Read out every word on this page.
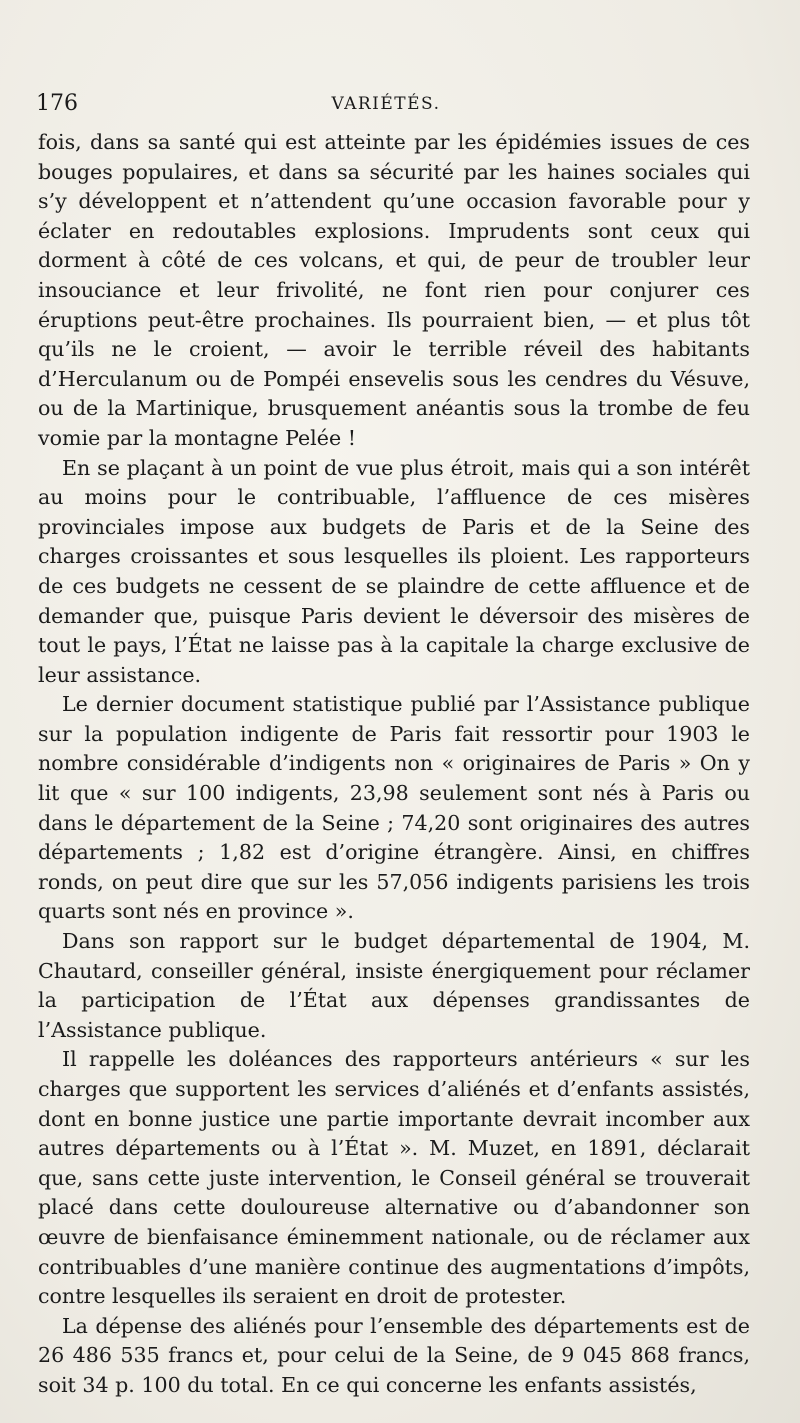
176	VARIÉTÉS.

fois, dans sa santé qui est atteinte par les épidémies issues de ces bouges populaires, et dans sa sécurité par les haines sociales qui s’y développent et n’attendent qu’une occasion favorable pour y éclater en redoutables explosions. Imprudents sont ceux qui dorment à côté de ces volcans, et qui, de peur de troubler leur insouciance et leur frivolité, ne font rien pour conjurer ces éruptions peut-être prochaines. Ils pourraient bien, — et plus tôt qu’ils ne le croient, — avoir le terrible réveil des habitants d’Herculanum ou de Pompéi ensevelis sous les cendres du Vésuve, ou de la Martinique, brusquement anéantis sous la trombe de feu vomie par la montagne Pelée !

En se plaçant à un point de vue plus étroit, mais qui a son intérêt au moins pour le contribuable, l’affluence de ces misères provinciales impose aux budgets de Paris et de la Seine des charges croissantes et sous lesquelles ils ploient. Les rapporteurs de ces budgets ne cessent de se plaindre de cette affluence et de demander que, puisque Paris devient le déversoir des misères de tout le pays, l’État ne laisse pas à la capitale la charge exclusive de leur assistance.

Le dernier document statistique publié par l’Assistance publique sur la population indigente de Paris fait ressortir pour 1903 le nombre considérable d’indigents non « originaires de Paris » On y lit que « sur 100 indigents, 23,98 seulement sont nés à Paris ou dans le département de la Seine ; 74,20 sont originaires des autres départements ; 1,82 est d’origine étrangère. Ainsi, en chiffres ronds, on peut dire que sur les 57,056 indigents parisiens les trois quarts sont nés en province ».

Dans son rapport sur le budget départemental de 1904, M. Chautard, conseiller général, insiste énergiquement pour réclamer la participation de l’État aux dépenses grandissantes de l’Assistance publique.

Il rappelle les doléances des rapporteurs antérieurs « sur les charges que supportent les services d’aliénés et d’enfants assistés, dont en bonne justice une partie importante devrait incomber aux autres départements ou à l’État ». M. Muzet, en 1891, déclarait que, sans cette juste intervention, le Conseil général se trouverait placé dans cette douloureuse alternative ou d’abandonner son œuvre de bienfaisance éminemment nationale, ou de réclamer aux contribuables d’une manière continue des augmentations d’impôts, contre lesquelles ils seraient en droit de protester.

La dépense des aliénés pour l’ensemble des départements est de 26 486 535 francs et, pour celui de la Seine, de 9 045 868 francs, soit 34 p. 100 du total. En ce qui concerne les enfants assistés,
